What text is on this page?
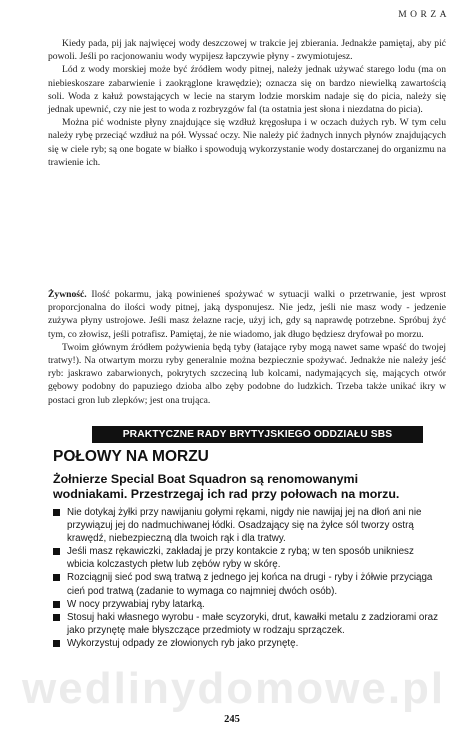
MORZA

Kiedy pada, pij jak najwięcej wody deszczowej w trakcie jej zbierania. Jednakże pamiętaj, aby pić powoli. Jeśli po racjonowaniu wody wypijesz łapczywie płyny - zwymiotujesz.

Lód z wody morskiej może być źródłem wody pitnej, należy jednak używać starego lodu (ma on niebieskoszare zabarwienie i zaokrąglone krawędzie); oznacza się on bardzo niewielką zawartością soli. Woda z kałuż powstających w lecie na starym lodzie morskim nadaje się do picia, należy się jednak upewnić, czy nie jest to woda z rozbryzgów fal (ta ostatnia jest słona i niezdatna do picia).

Można pić wodniste płyny znajdujące się wzdłuż kręgosłupa i w oczach dużych ryb. W tym celu należy rybę przeciąć wzdłuż na pół. Wyssać oczy. Nie należy pić żadnych innych płynów znajdujących się w ciele ryb; są one bogate w białko i spowodują wykorzystanie wody dostarczanej do organizmu na trawienie ich.

Żywność. Ilość pokarmu, jaką powinieneś spożywać w sytuacji walki o przetrwanie, jest wprost proporcjonalna do ilości wody pitnej, jaką dysponujesz. Nie jedz, jeśli nie masz wody - jedzenie zużywa płyny ustrojowe. Jeśli masz żelazne racje, użyj ich, gdy są naprawdę potrzebne. Spróbuj żyć tym, co złowisz, jeśli potrafisz. Pamiętaj, że nie wiadomo, jak długo będziesz dryfował po morzu.

Twoim głównym źródłem pożywienia będą tyby (łatające ryby mogą nawet same wpaść do twojej tratwy!). Na otwartym morzu ryby generalnie można bezpiecznie spożywać. Jednakże nie należy jeść ryb: jaskrawo zabarwionych, pokrytych szczeciną lub kolcami, nadymających się, mających otwór gębowy podobny do papuziego dzioba albo zęby podobne do ludzkich. Trzeba także unikać ikry w postaci gron lub zlepków; jest ona trująca.

PRAKTYCZNE RADY BRYTYJSKIEGO ODDZIAŁU SBS
POŁOWY NA MORZU
Żołnierze Special Boat Squadron są renomowanymi wodniakami. Przestrzegaj ich rad przy połowach na morzu.
Nie dotykaj żyłki przy nawijaniu gołymi rękami, nigdy nie nawijaj jej na dłoń ani nie przywiązuj jej do nadmuchiwanej łódki. Osadzający się na żyłce sól tworzy ostrą krawędź, niebezpieczną dla twoich rąk i dla tratwy.
Jeśli masz rękawiczki, zakładaj je przy kontakcie z rybą; w ten sposób unikniesz wbicia kolczastych płetw lub zębów ryby w skórę.
Rozciągnij sieć pod swą tratwą z jednego jej końca na drugi - ryby i żółwie przyciąga cień pod tratwą (zadanie to wymaga co najmniej dwóch osób).
W nocy przywabiaj ryby latarką.
Stosuj haki własnego wyrobu - małe scyzoryki, drut, kawałki metalu z zadziorami oraz jako przynętę małe błyszczące przedmioty w rodzaju sprzączek.
Wykorzystuj odpady ze złowionych ryb jako przynętę.
wedlinydomowe.pl
245
